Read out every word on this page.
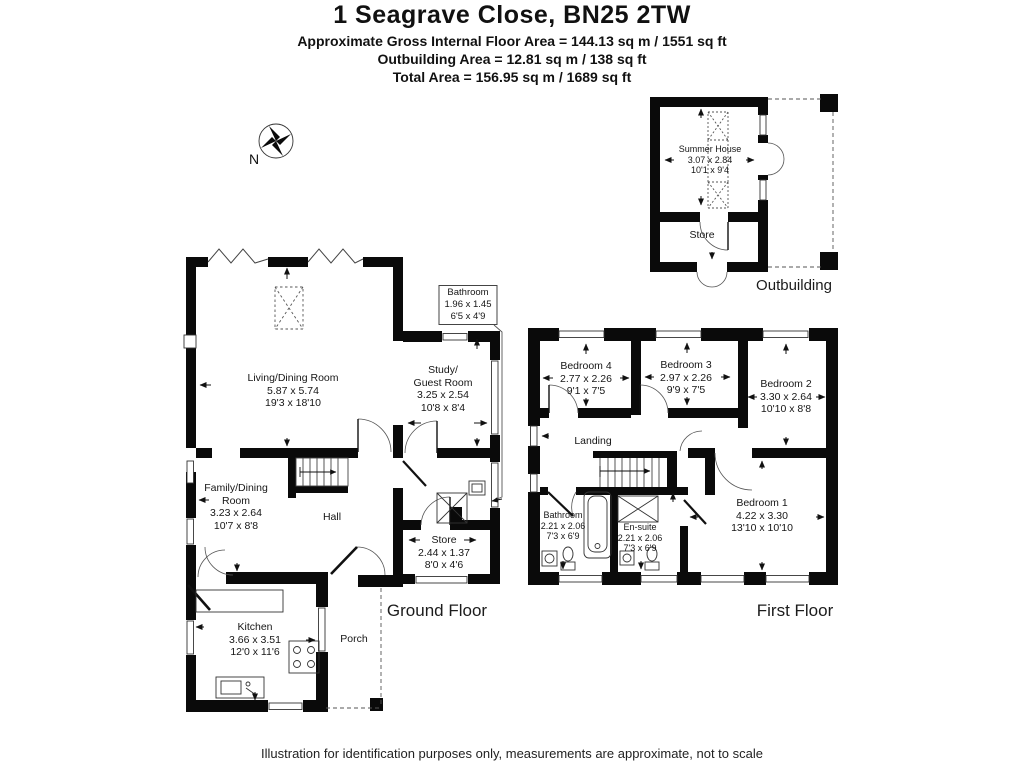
1 Seagrave Close, BN25 2TW
Approximate Gross Internal Floor Area = 144.13 sq m / 1551 sq ft
Outbuilding Area = 12.81 sq m / 138 sq ft
Total Area = 156.95 sq m / 1689 sq ft
N
Living/Dining Room
5.87 x 5.74
19'3 x 18'10
Bathroom
1.96 x 1.45
6'5 x 4'9
Study/
Guest Room
3.25 x 2.54
10'8 x 8'4
Family/Dining
Room
3.23 x 2.64
10'7 x 8'8
Hall
Store
2.44 x 1.37
8'0 x 4'6
Kitchen
3.66 x 3.51
12'0 x 11'6
Porch
Ground Floor
Bedroom 4
2.77 x 2.26
9'1 x 7'5
Bedroom 3
2.97 x 2.26
9'9 x 7'5	Bedroom 2
3.30 x 2.64
10'10 x 8'8
Landing
Bathroom
2.21 x 2.06
7'3 x 6'9
En-suite
2.21 x 2.06
7'3 x 6'9
Bedroom 1
4.22 x 3.30
13'10 x 10'10
First Floor
Summer House
3.07 x 2.84
10'1 x 9'4
Store
Outbuilding
Illustration for identification purposes only, measurements are approximate, not to scale
